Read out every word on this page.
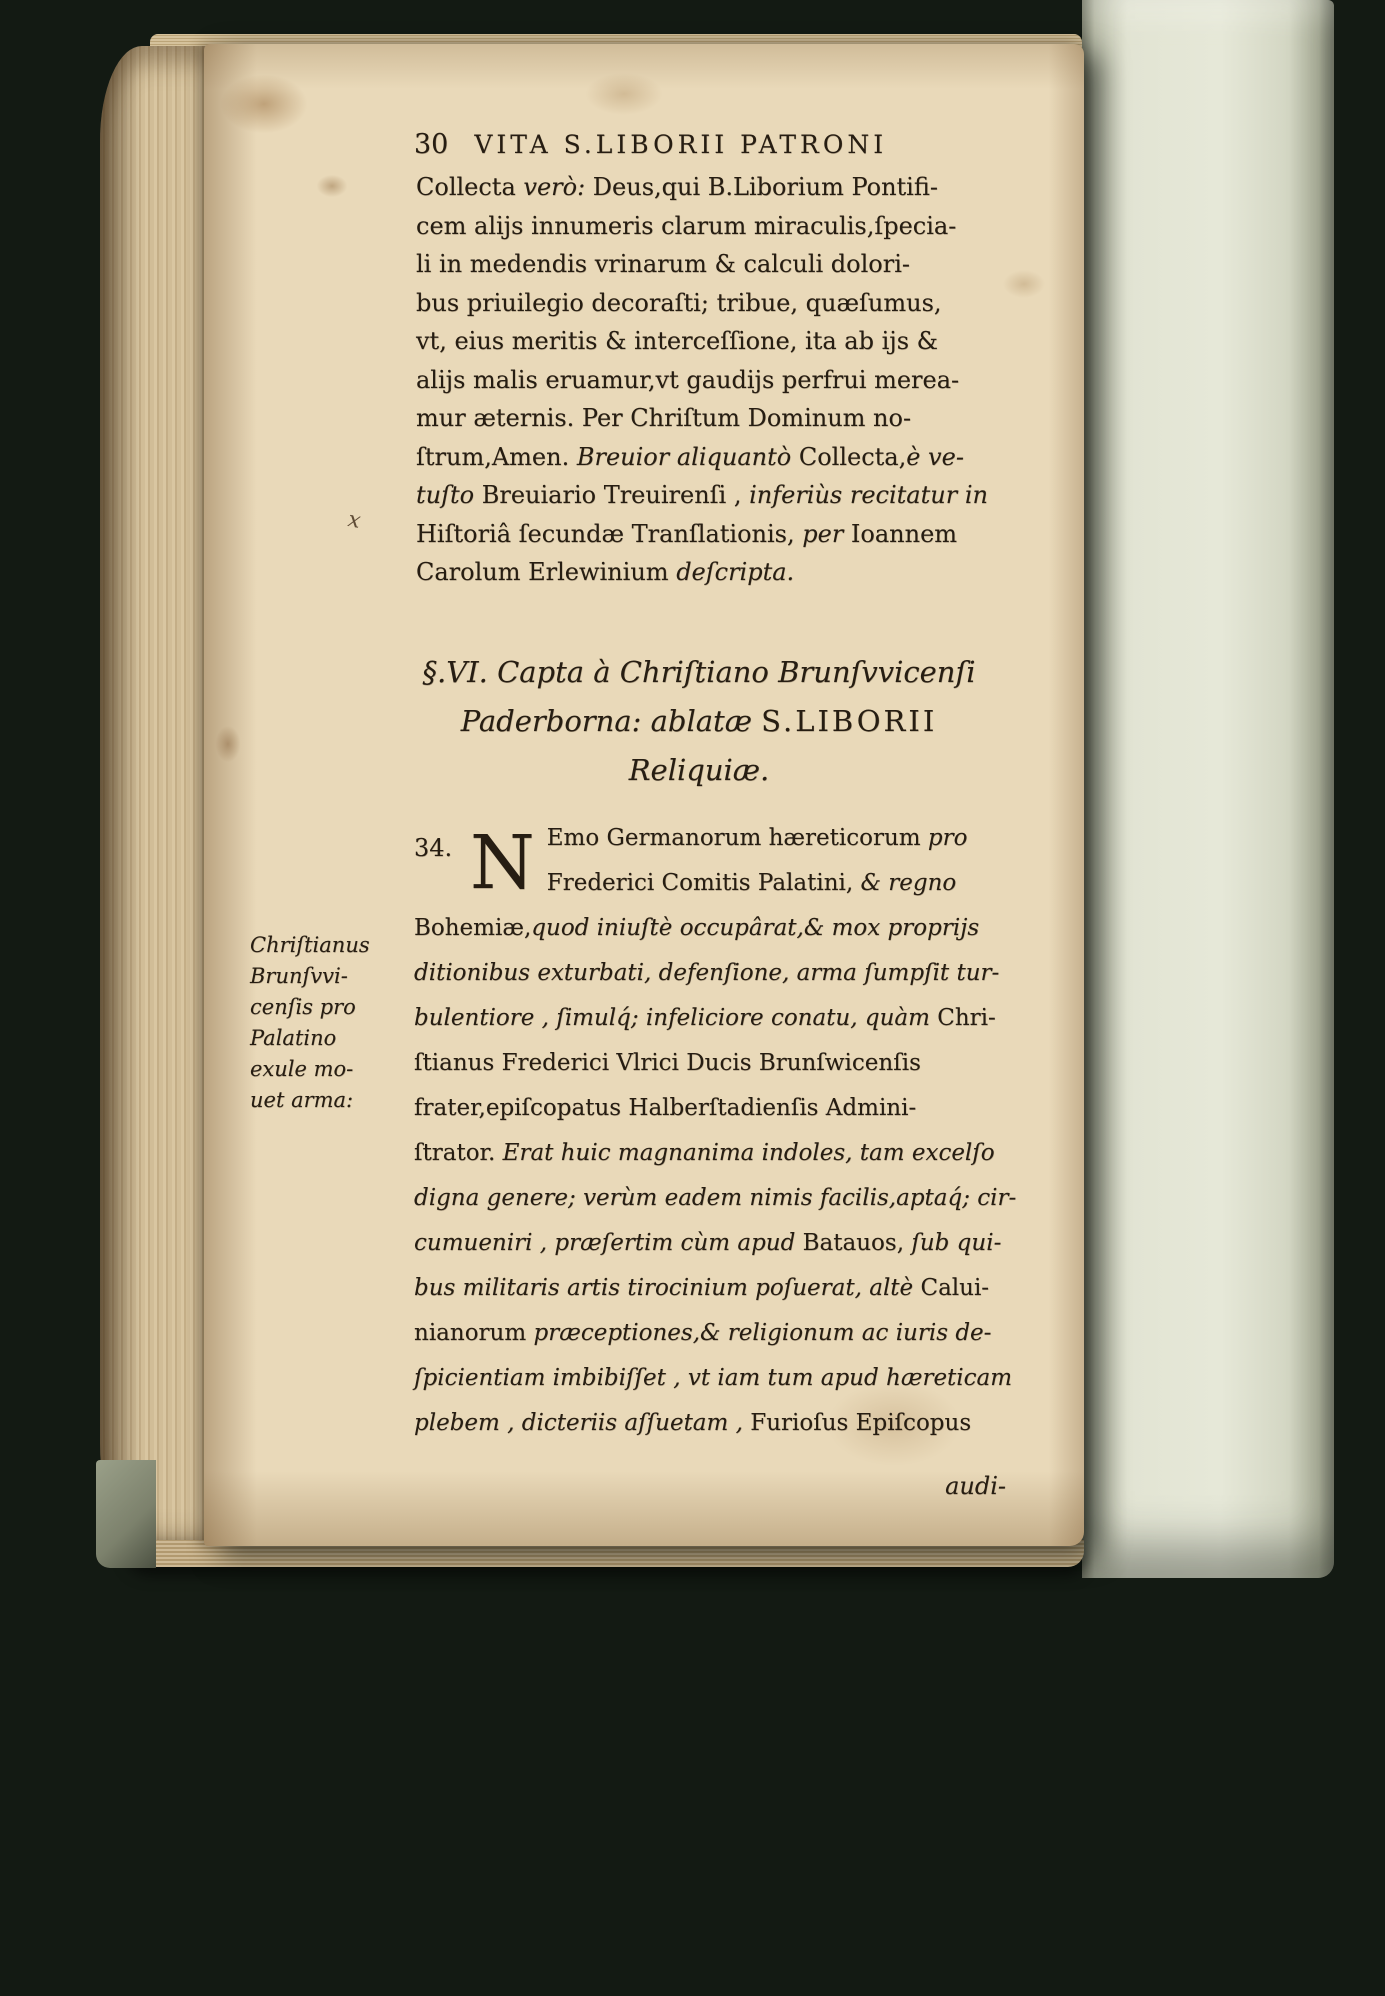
30 VITA S.LIBORII PATRONI
Collecta verò: Deus,qui B.Liborium Pontifi-
cem alijs innumeris clarum miraculis,ſpecia-
li in medendis vrinarum & calculi dolori-
bus priuilegio decoraſti; tribue, quæſumus,
vt, eius meritis & interceſſione, ita ab ijs &
alijs malis eruamur,vt gaudijs perfrui merea-
mur æternis. Per Chriſtum Dominum no-
ſtrum,Amen. Breuior aliquantò Collecta,è ve-
tuſto Breuiario Treuirenſi , inferiùs recitatur in
Hiſtoriâ ſecundæ Tranſlationis, per Ioannem
Carolum Erlewinium deſcripta.
§.VI. Capta à Chriſtiano Brunſvvicenſi
Paderborna: ablatæ S.LIBORII
Reliquiæ.
34. N Emo Germanorum hæreticorum pro
Frederici Comitis Palatini, & regno
Bohemiæ,quod iniuſtè occupârat,& mox proprijs
ditionibus exturbati, defenſione, arma ſumpſit tur-
bulentiore , ſimulq́; infeliciore conatu, quàm Chri-
ſtianus Frederici Vlrici Ducis Brunſwicenſis
frater,epiſcopatus Halberſtadienſis Admini-
ſtrator. Erat huic magnanima indoles, tam excelſo
digna genere; verùm eadem nimis facilis,aptaq́; cir-
cumueniri , præſertim cùm apud Batauos, ſub qui-
bus militaris artis tirocinium poſuerat, altè Calui-
nianorum præceptiones,& religionum ac iuris de-
ſpicientiam imbibiſſet , vt iam tum apud hæreticam
plebem , dicteriis aſſuetam , Furioſus Epiſcopus
Chriſtianus
Brunſvvi-
cenſis pro
Palatino
exule mo-
uet arma:
audi-
x
